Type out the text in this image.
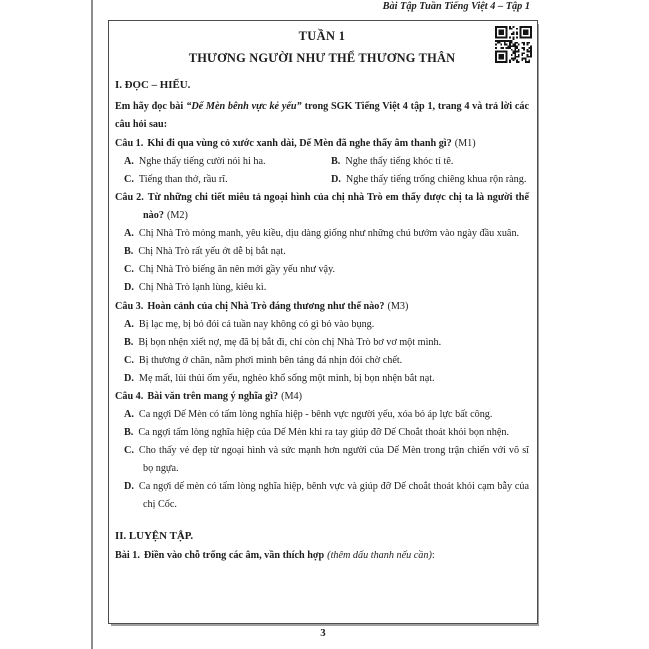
Bài Tập Tuần Tiếng Việt 4 – Tập 1
TUẦN 1
THƯƠNG NGƯỜI NHƯ THỂ THƯƠNG THÂN
I. ĐỌC – HIỂU.
Em hãy đọc bài “Dế Mèn bênh vực kẻ yếu” trong SGK Tiếng Việt 4 tập 1, trang 4 và trả lời các câu hỏi sau:
Câu 1. Khi đi qua vùng cỏ xước xanh dài, Dế Mèn đã nghe thấy âm thanh gì? (M1)
A. Nghe thấy tiếng cười nói hi ha.	B. Nghe thấy tiếng khóc tỉ tê.
C. Tiếng than thở, rầu rĩ.	D. Nghe thấy tiếng trống chiêng khua rộn ràng.
Câu 2. Từ những chi tiết miêu tả ngoại hình của chị nhà Trò em thấy được chị ta là người thế nào? (M2)
A. Chị Nhà Trò mỏng manh, yêu kiều, dịu dàng giống như những chú bướm vào ngày đầu xuân.
B. Chị Nhà Trò rất yếu ớt dễ bị bắt nạt.
C. Chị Nhà Trò biếng ăn nên mới gầy yếu như vậy.
D. Chị Nhà Trò lạnh lùng, kiêu kì.
Câu 3. Hoàn cảnh của chị Nhà Trò đáng thương như thế nào? (M3)
A. Bị lạc mẹ, bị bỏ đói cả tuần nay không có gì bỏ vào bụng.
B. Bị bọn nhện xiết nợ, mẹ đã bị bắt đi, chỉ còn chị Nhà Trò bơ vơ một mình.
C. Bị thương ở chân, nằm phơi mình bên tảng đá nhịn đói chờ chết.
D. Mẹ mất, lủi thủi ốm yếu, nghèo khổ sống một mình, bị bọn nhện bắt nạt.
Câu 4. Bài văn trên mang ý nghĩa gì? (M4)
A. Ca ngợi Dế Mèn có tấm lòng nghĩa hiệp - bênh vực người yếu, xóa bỏ áp lực bất công.
B. Ca ngợi tấm lòng nghĩa hiệp của Dế Mèn khi ra tay giúp đỡ Dế Choắt thoát khỏi bọn nhện.
C. Cho thấy vẻ đẹp từ ngoại hình và sức mạnh hơn người của Dế Mèn trong trận chiến với võ sĩ bọ ngựa.
D. Ca ngợi dế mèn có tấm lòng nghĩa hiệp, bênh vực và giúp đỡ Dế choắt thoát khỏi cạm bẫy của chị Cốc.
II. LUYỆN TẬP.
Bài 1. Điền vào chỗ trống các âm, vần thích hợp (thêm dấu thanh nếu cần):
3
